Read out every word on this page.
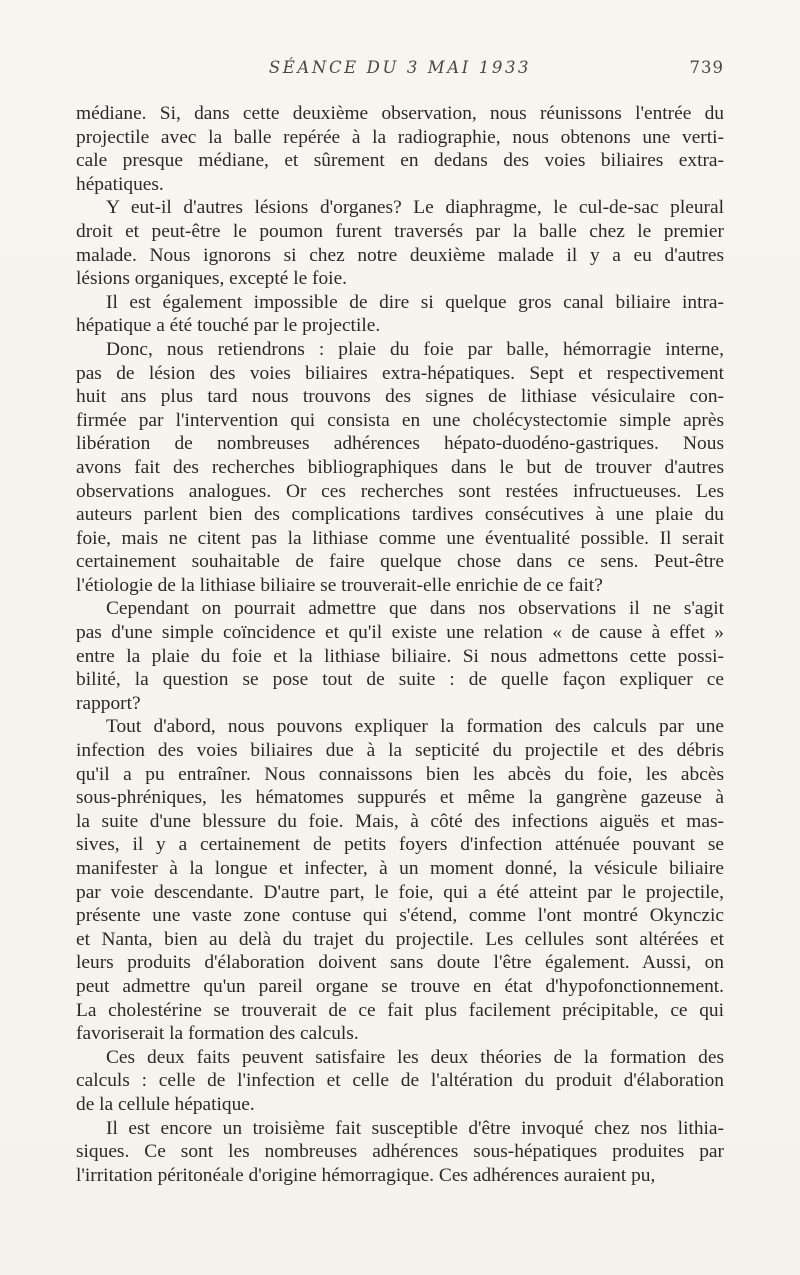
SÉANCE DU 3 MAI 1933	739
médiane. Si, dans cette deuxième observation, nous réunissons l'entrée du
projectile avec la balle repérée à la radiographie, nous obtenons une verti-
cale presque médiane, et sûrement en dedans des voies biliaires extra-
hépatiques.
Y eut-il d'autres lésions d'organes? Le diaphragme, le cul-de-sac pleural
droit et peut-être le poumon furent traversés par la balle chez le premier
malade. Nous ignorons si chez notre deuxième malade il y a eu d'autres
lésions organiques, excepté le foie.
Il est également impossible de dire si quelque gros canal biliaire intra-
hépatique a été touché par le projectile.
Donc, nous retiendrons : plaie du foie par balle, hémorragie interne,
pas de lésion des voies biliaires extra-hépatiques. Sept et respectivement
huit ans plus tard nous trouvons des signes de lithiase vésiculaire con-
firmée par l'intervention qui consista en une cholécystectomie simple après
libération de nombreuses adhérences hépato-duodéno-gastriques. Nous
avons fait des recherches bibliographiques dans le but de trouver d'autres
observations analogues. Or ces recherches sont restées infructueuses. Les
auteurs parlent bien des complications tardives consécutives à une plaie du
foie, mais ne citent pas la lithiase comme une éventualité possible. Il serait
certainement souhaitable de faire quelque chose dans ce sens. Peut-être
l'étiologie de la lithiase biliaire se trouverait-elle enrichie de ce fait?
Cependant on pourrait admettre que dans nos observations il ne s'agit
pas d'une simple coïncidence et qu'il existe une relation « de cause à effet »
entre la plaie du foie et la lithiase biliaire. Si nous admettons cette possi-
bilité, la question se pose tout de suite : de quelle façon expliquer ce
rapport?
Tout d'abord, nous pouvons expliquer la formation des calculs par une
infection des voies biliaires due à la septicité du projectile et des débris
qu'il a pu entraîner. Nous connaissons bien les abcès du foie, les abcès
sous-phréniques, les hématomes suppurés et même la gangrène gazeuse à
la suite d'une blessure du foie. Mais, à côté des infections aiguës et mas-
sives, il y a certainement de petits foyers d'infection atténuée pouvant se
manifester à la longue et infecter, à un moment donné, la vésicule biliaire
par voie descendante. D'autre part, le foie, qui a été atteint par le projectile,
présente une vaste zone contuse qui s'étend, comme l'ont montré Okynczic
et Nanta, bien au delà du trajet du projectile. Les cellules sont altérées et
leurs produits d'élaboration doivent sans doute l'être également. Aussi, on
peut admettre qu'un pareil organe se trouve en état d'hypofonctionnement.
La cholestérine se trouverait de ce fait plus facilement précipitable, ce qui
favoriserait la formation des calculs.
Ces deux faits peuvent satisfaire les deux théories de la formation des
calculs : celle de l'infection et celle de l'altération du produit d'élaboration
de la cellule hépatique.
Il est encore un troisième fait susceptible d'être invoqué chez nos lithia-
siques. Ce sont les nombreuses adhérences sous-hépatiques produites par
l'irritation péritonéale d'origine hémorragique. Ces adhérences auraient pu,
